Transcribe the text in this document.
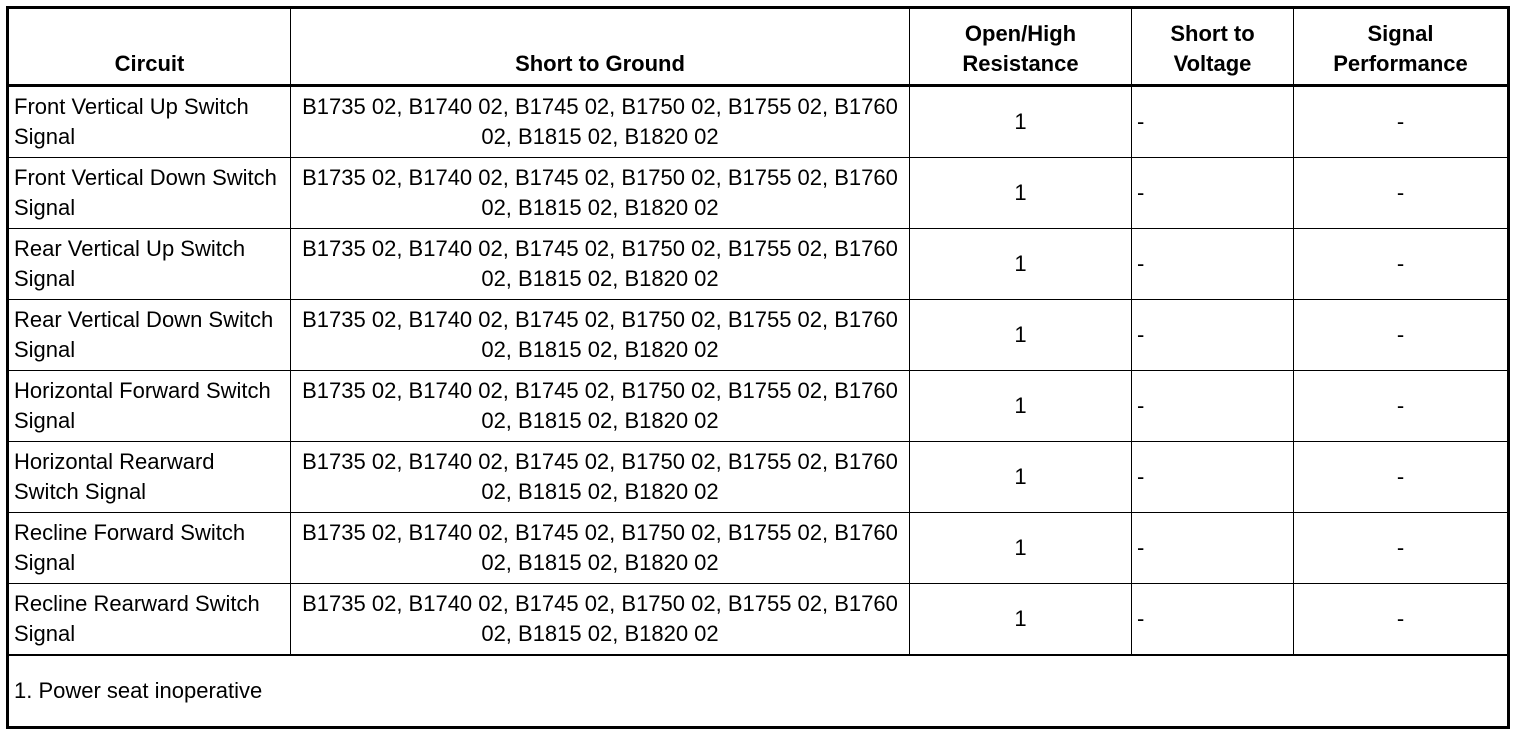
Circuit	Short to Ground	Open/High Resistance	Short to Voltage	Signal Performance
Front Vertical Up Switch Signal	B1735 02, B1740 02, B1745 02, B1750 02, B1755 02, B1760 02, B1815 02, B1820 02	1	-	-
Front Vertical Down Switch Signal	B1735 02, B1740 02, B1745 02, B1750 02, B1755 02, B1760 02, B1815 02, B1820 02	1	-	-
Rear Vertical Up Switch Signal	B1735 02, B1740 02, B1745 02, B1750 02, B1755 02, B1760 02, B1815 02, B1820 02	1	-	-
Rear Vertical Down Switch Signal	B1735 02, B1740 02, B1745 02, B1750 02, B1755 02, B1760 02, B1815 02, B1820 02	1	-	-
Horizontal Forward Switch Signal	B1735 02, B1740 02, B1745 02, B1750 02, B1755 02, B1760 02, B1815 02, B1820 02	1	-	-
Horizontal Rearward Switch Signal	B1735 02, B1740 02, B1745 02, B1750 02, B1755 02, B1760 02, B1815 02, B1820 02	1	-	-
Recline Forward Switch Signal	B1735 02, B1740 02, B1745 02, B1750 02, B1755 02, B1760 02, B1815 02, B1820 02	1	-	-
Recline Rearward Switch Signal	B1735 02, B1740 02, B1745 02, B1750 02, B1755 02, B1760 02, B1815 02, B1820 02	1	-	-
1. Power seat inoperative				
